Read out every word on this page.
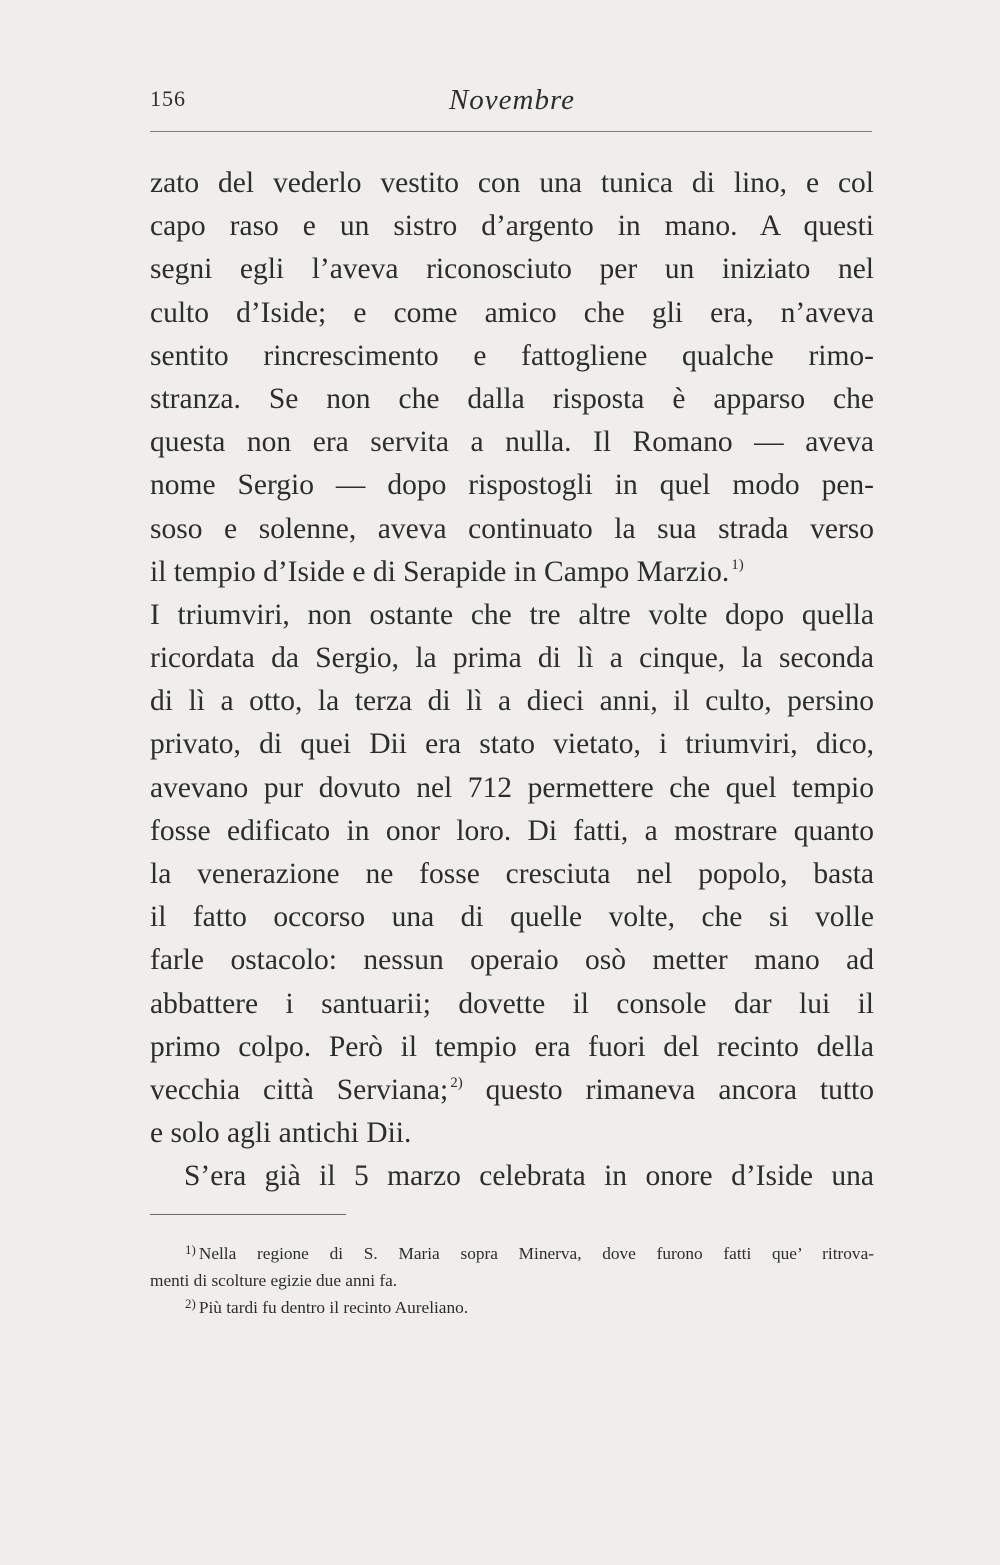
156	Novembre
zato del vederlo vestito con una tunica di lino, e col
capo raso e un sistro d’argento in mano. A questi
segni egli l’aveva riconosciuto per un iniziato nel
culto d’Iside; e come amico che gli era, n’aveva
sentito rincrescimento e fattogliene qualche rimo-
stranza. Se non che dalla risposta è apparso che
questa non era servita a nulla. Il Romano — aveva
nome Sergio — dopo rispostogli in quel modo pen-
soso e solenne, aveva continuato la sua strada verso
il tempio d’Iside e di Serapide in Campo Marzio. $^{1)}$
I triumviri, non ostante che tre altre volte dopo quella
ricordata da Sergio, la prima di lì a cinque, la seconda
di lì a otto, la terza di lì a dieci anni, il culto, persino
privato, di quei Dii era stato vietato, i triumviri, dico,
avevano pur dovuto nel 712 permettere che quel tempio
fosse edificato in onor loro. Di fatti, a mostrare quanto
la venerazione ne fosse cresciuta nel popolo, basta
il fatto occorso una di quelle volte, che si volle
farle ostacolo: nessun operaio osò metter mano ad
abbattere i santuarii; dovette il console dar lui il
primo colpo. Però il tempio era fuori del recinto della
vecchia città Serviana; $^{2)}$ questo rimaneva ancora tutto
e solo agli antichi Dii.
S’era già il 5 marzo celebrata in onore d’Iside una
$^{1)}$ Nella regione di S. Maria sopra Minerva, dove furono fatti que’ ritrova-
menti di scolture egizie due anni fa.
$^{2)}$ Più tardi fu dentro il recinto Aureliano.
